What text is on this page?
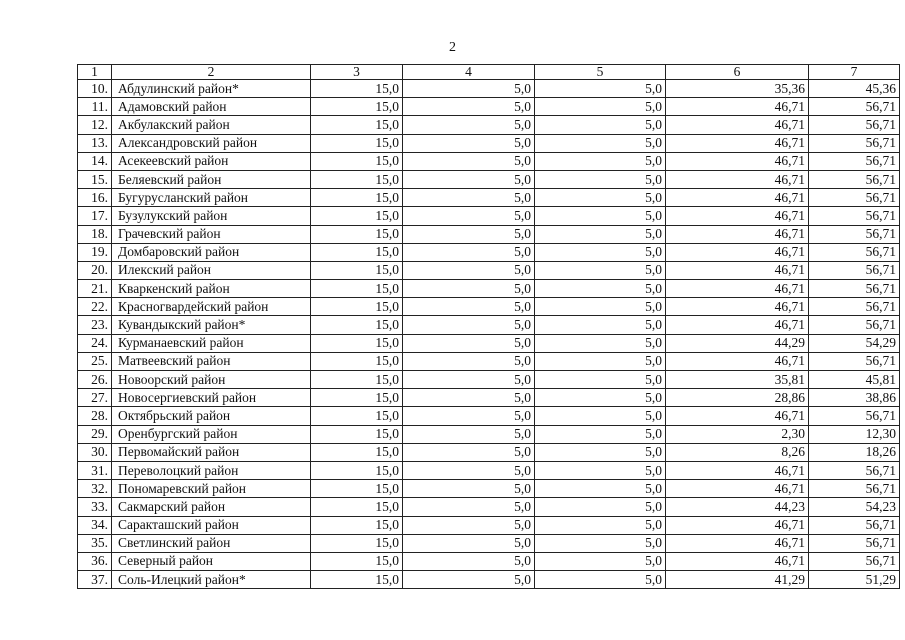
2
1	2	3	4	5	6	7
10.	Абдулинский район*	15,0	5,0	5,0	35,36	45,36
11.	Адамовский район	15,0	5,0	5,0	46,71	56,71
12.	Акбулакский район	15,0	5,0	5,0	46,71	56,71
13.	Александровский район	15,0	5,0	5,0	46,71	56,71
14.	Асекеевский район	15,0	5,0	5,0	46,71	56,71
15.	Беляевский район	15,0	5,0	5,0	46,71	56,71
16.	Бугурусланский район	15,0	5,0	5,0	46,71	56,71
17.	Бузулукский район	15,0	5,0	5,0	46,71	56,71
18.	Грачевский район	15,0	5,0	5,0	46,71	56,71
19.	Домбаровский район	15,0	5,0	5,0	46,71	56,71
20.	Илекский район	15,0	5,0	5,0	46,71	56,71
21.	Кваркенский район	15,0	5,0	5,0	46,71	56,71
22.	Красногвардейский район	15,0	5,0	5,0	46,71	56,71
23.	Кувандыкский район*	15,0	5,0	5,0	46,71	56,71
24.	Курманаевский район	15,0	5,0	5,0	44,29	54,29
25.	Матвеевский район	15,0	5,0	5,0	46,71	56,71
26.	Новоорский район	15,0	5,0	5,0	35,81	45,81
27.	Новосергиевский район	15,0	5,0	5,0	28,86	38,86
28.	Октябрьский район	15,0	5,0	5,0	46,71	56,71
29.	Оренбургский район	15,0	5,0	5,0	2,30	12,30
30.	Первомайский район	15,0	5,0	5,0	8,26	18,26
31.	Переволоцкий район	15,0	5,0	5,0	46,71	56,71
32.	Пономаревский район	15,0	5,0	5,0	46,71	56,71
33.	Сакмарский район	15,0	5,0	5,0	44,23	54,23
34.	Саракташский район	15,0	5,0	5,0	46,71	56,71
35.	Светлинский район	15,0	5,0	5,0	46,71	56,71
36.	Северный район	15,0	5,0	5,0	46,71	56,71
37.	Соль-Илецкий район*	15,0	5,0	5,0	41,29	51,29
